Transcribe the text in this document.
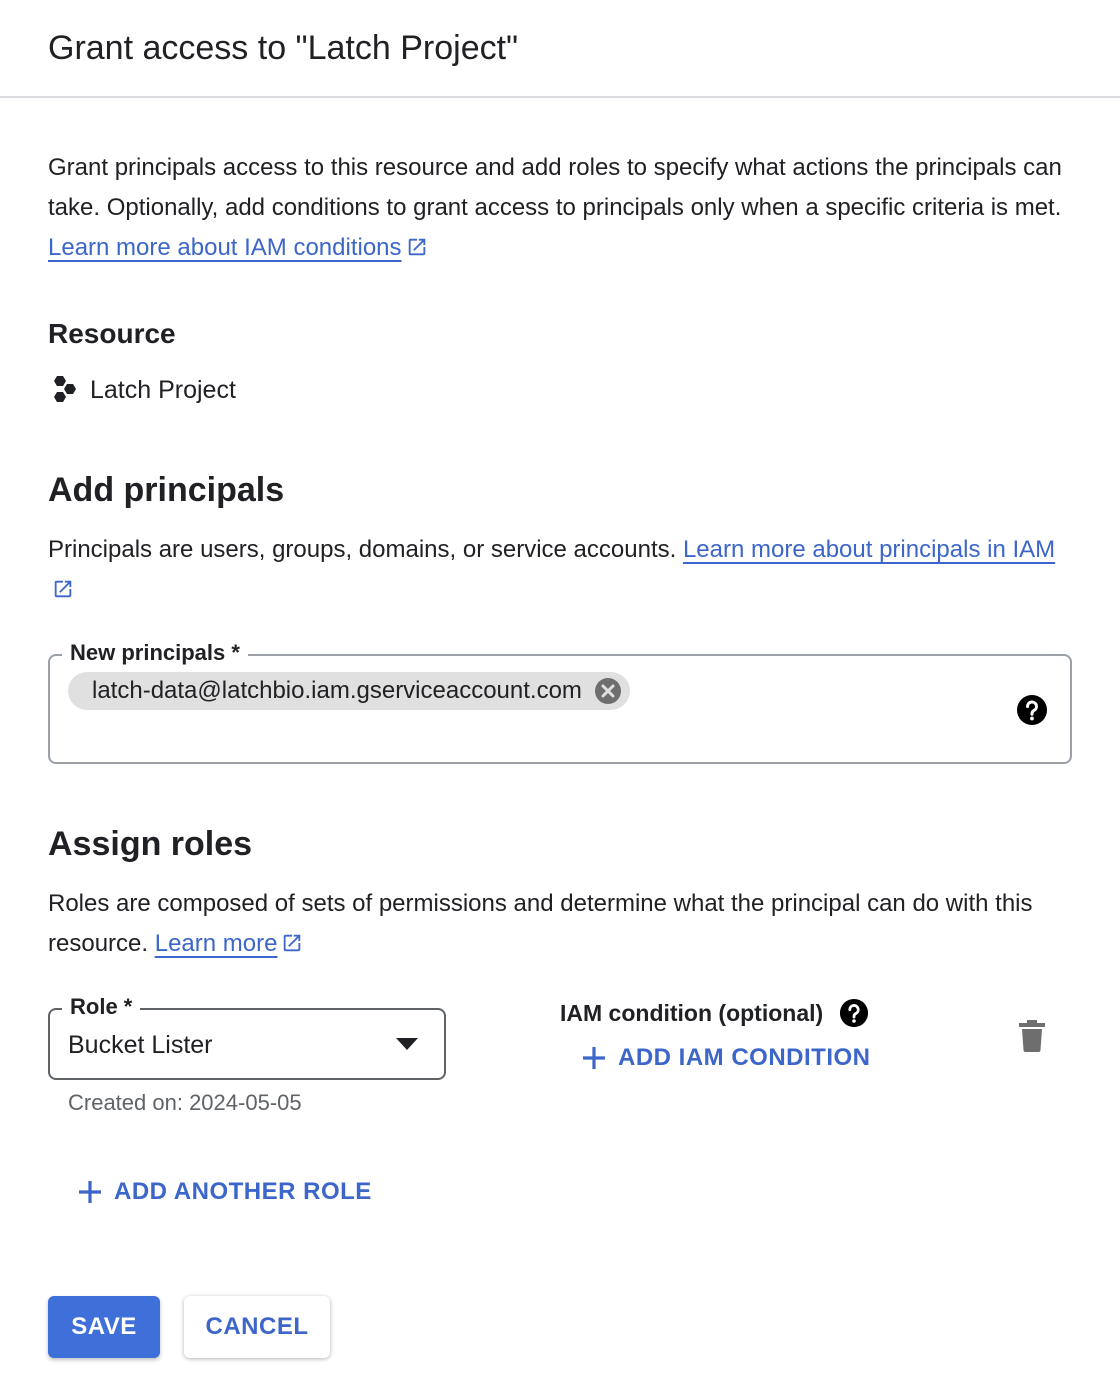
Grant access to "Latch Project"
Grant principals access to this resource and add roles to specify what actions the principals can take. Optionally, add conditions to grant access to principals only when a specific criteria is met. Learn more about IAM conditions
Resource
Latch Project
Add principals
Principals are users, groups, domains, or service accounts. Learn more about principals in IAM
New principals *
latch-data@latchbio.iam.gserviceaccount.com
Assign roles
Roles are composed of sets of permissions and determine what the principal can do with this resource. Learn more
Role *
Bucket Lister
Created on: 2024-05-05
IAM condition (optional)
ADD IAM CONDITION
ADD ANOTHER ROLE
SAVE	CANCEL
